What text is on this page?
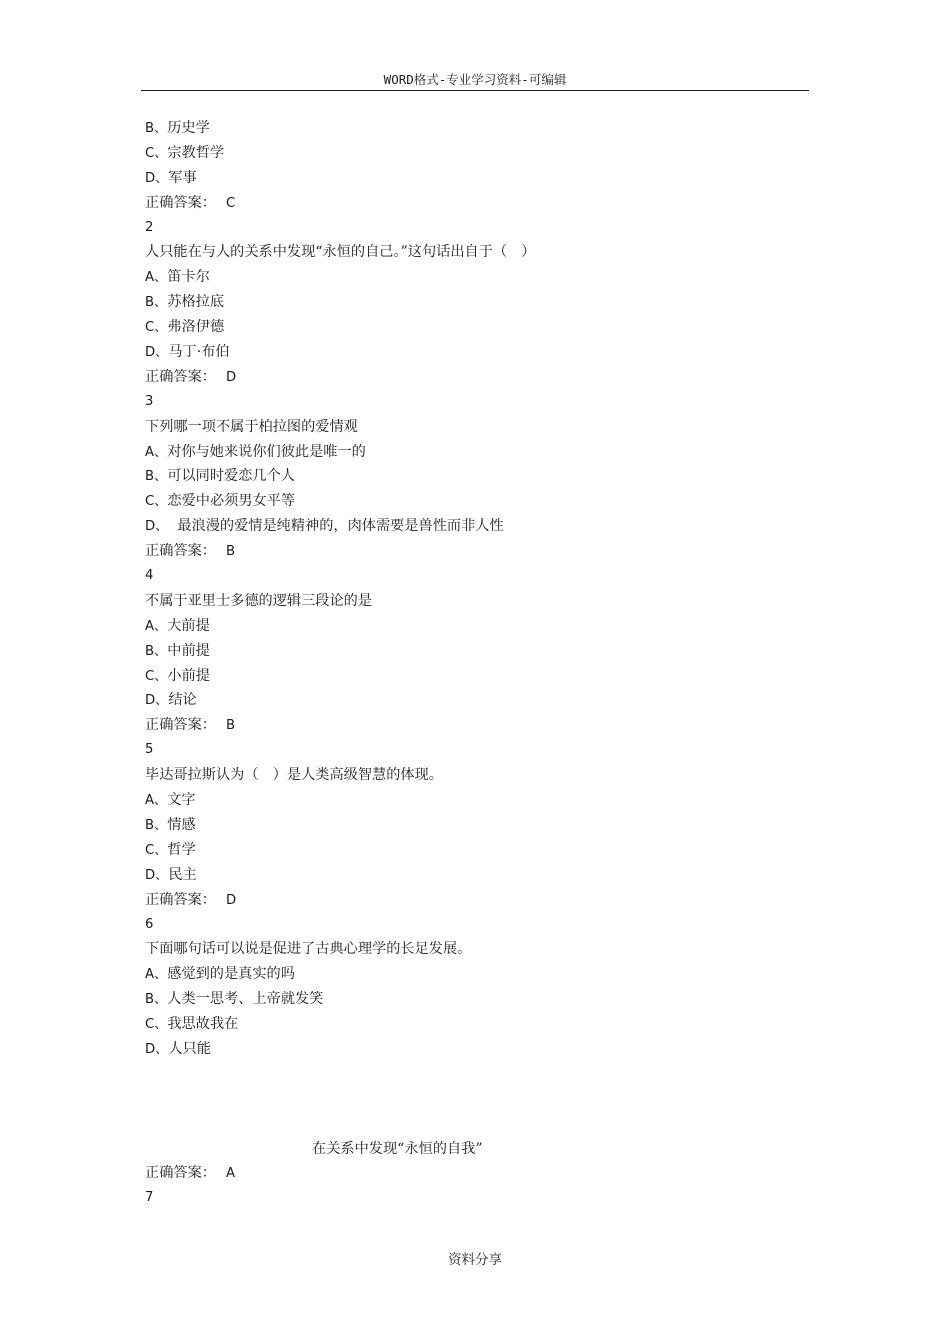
WORD格式-专业学习资料-可编辑
B、历史学
C、宗教哲学
D、军事
正确答案： C
2
人只能在与人的关系中发现“永恒的自己。”这句话出自于（　）
A、笛卡尔
B、苏格拉底
C、弗洛伊德
D、马丁·布伯
正确答案： D
3
下列哪一项不属于柏拉图的爱情观
A、对你与她来说你们彼此是唯一的
B、可以同时爱恋几个人
C、恋爱中必须男女平等
D、  最浪漫的爱情是纯精神的，肉体需要是兽性而非人性
正确答案： B
4
不属于亚里士多德的逻辑三段论的是
A、大前提
B、中前提
C、小前提
D、结论
正确答案： B
5
毕达哥拉斯认为（　）是人类高级智慧的体现。
A、文字
B、情感
C、哲学
D、民主
正确答案： D
6
下面哪句话可以说是促进了古典心理学的长足发展。
A、感觉到的是真实的吗
B、人类一思考、上帝就发笑
C、我思故我在
D、人只能
在关系中发现“永恒的自我”
正确答案： A
7
资料分享
